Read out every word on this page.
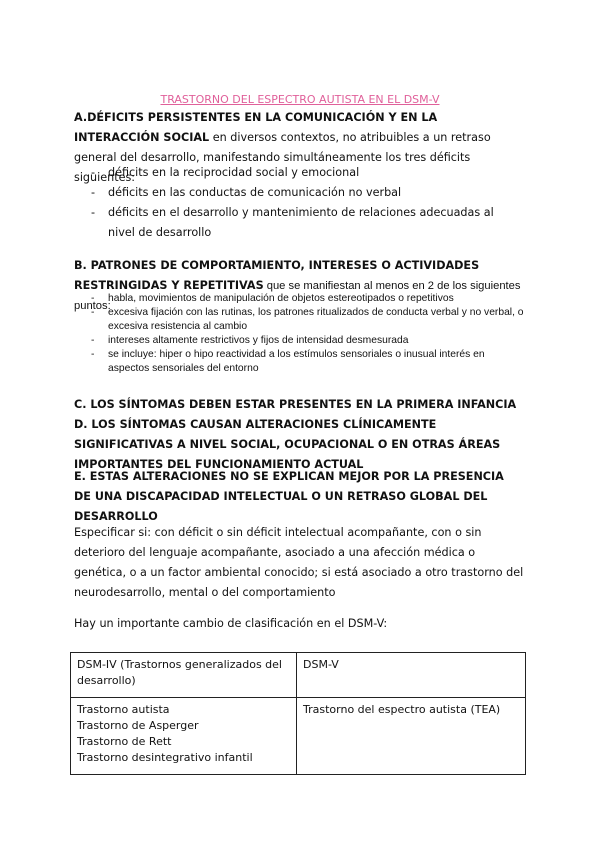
TRASTORNO DEL ESPECTRO AUTISTA EN EL DSM-V
A.DÉFICITS PERSISTENTES EN LA COMUNICACIÓN Y EN LA INTERACCIÓN SOCIAL en diversos contextos, no atribuibles a un retraso general del desarrollo, manifestando simultáneamente los tres déficits siguientes:
- déficits en la reciprocidad social y emocional
- déficits en las conductas de comunicación no verbal
- déficits en el desarrollo y mantenimiento de relaciones adecuadas al nivel de desarrollo
B. PATRONES DE COMPORTAMIENTO, INTERESES O ACTIVIDADES RESTRINGIDAS Y REPETITIVAS que se manifiestan al menos en 2 de los siguientes puntos:
- habla, movimientos de manipulación de objetos estereotipados o repetitivos
- excesiva fijación con las rutinas, los patrones ritualizados de conducta verbal y no verbal, o excesiva resistencia al cambio
- intereses altamente restrictivos y fijos de intensidad desmesurada
- se incluye: hiper o hipo reactividad a los estímulos sensoriales o inusual interés en aspectos sensoriales del entorno
C. LOS SÍNTOMAS DEBEN ESTAR PRESENTES EN LA PRIMERA INFANCIA
D. LOS SÍNTOMAS CAUSAN ALTERACIONES CLÍNICAMENTE SIGNIFICATIVAS A NIVEL SOCIAL, OCUPACIONAL O EN OTRAS ÁREAS IMPORTANTES DEL FUNCIONAMIENTO ACTUAL
E. ESTAS ALTERACIONES NO SE EXPLICAN MEJOR POR LA PRESENCIA DE UNA DISCAPACIDAD INTELECTUAL O UN RETRASO GLOBAL DEL DESARROLLO
Especificar si: con déficit o sin déficit intelectual acompañante, con o sin deterioro del lenguaje acompañante, asociado a una afección médica o genética, o a un factor ambiental conocido; si está asociado a otro trastorno del neurodesarrollo, mental o del comportamiento
Hay un importante cambio de clasificación en el DSM-V:
DSM-IV (Trastornos generalizados del desarrollo)	DSM-V

Trastorno autista
Trastorno de Asperger
Trastorno de Rett
Trastorno desintegrativo infantil	Trastorno del espectro autista (TEA)
